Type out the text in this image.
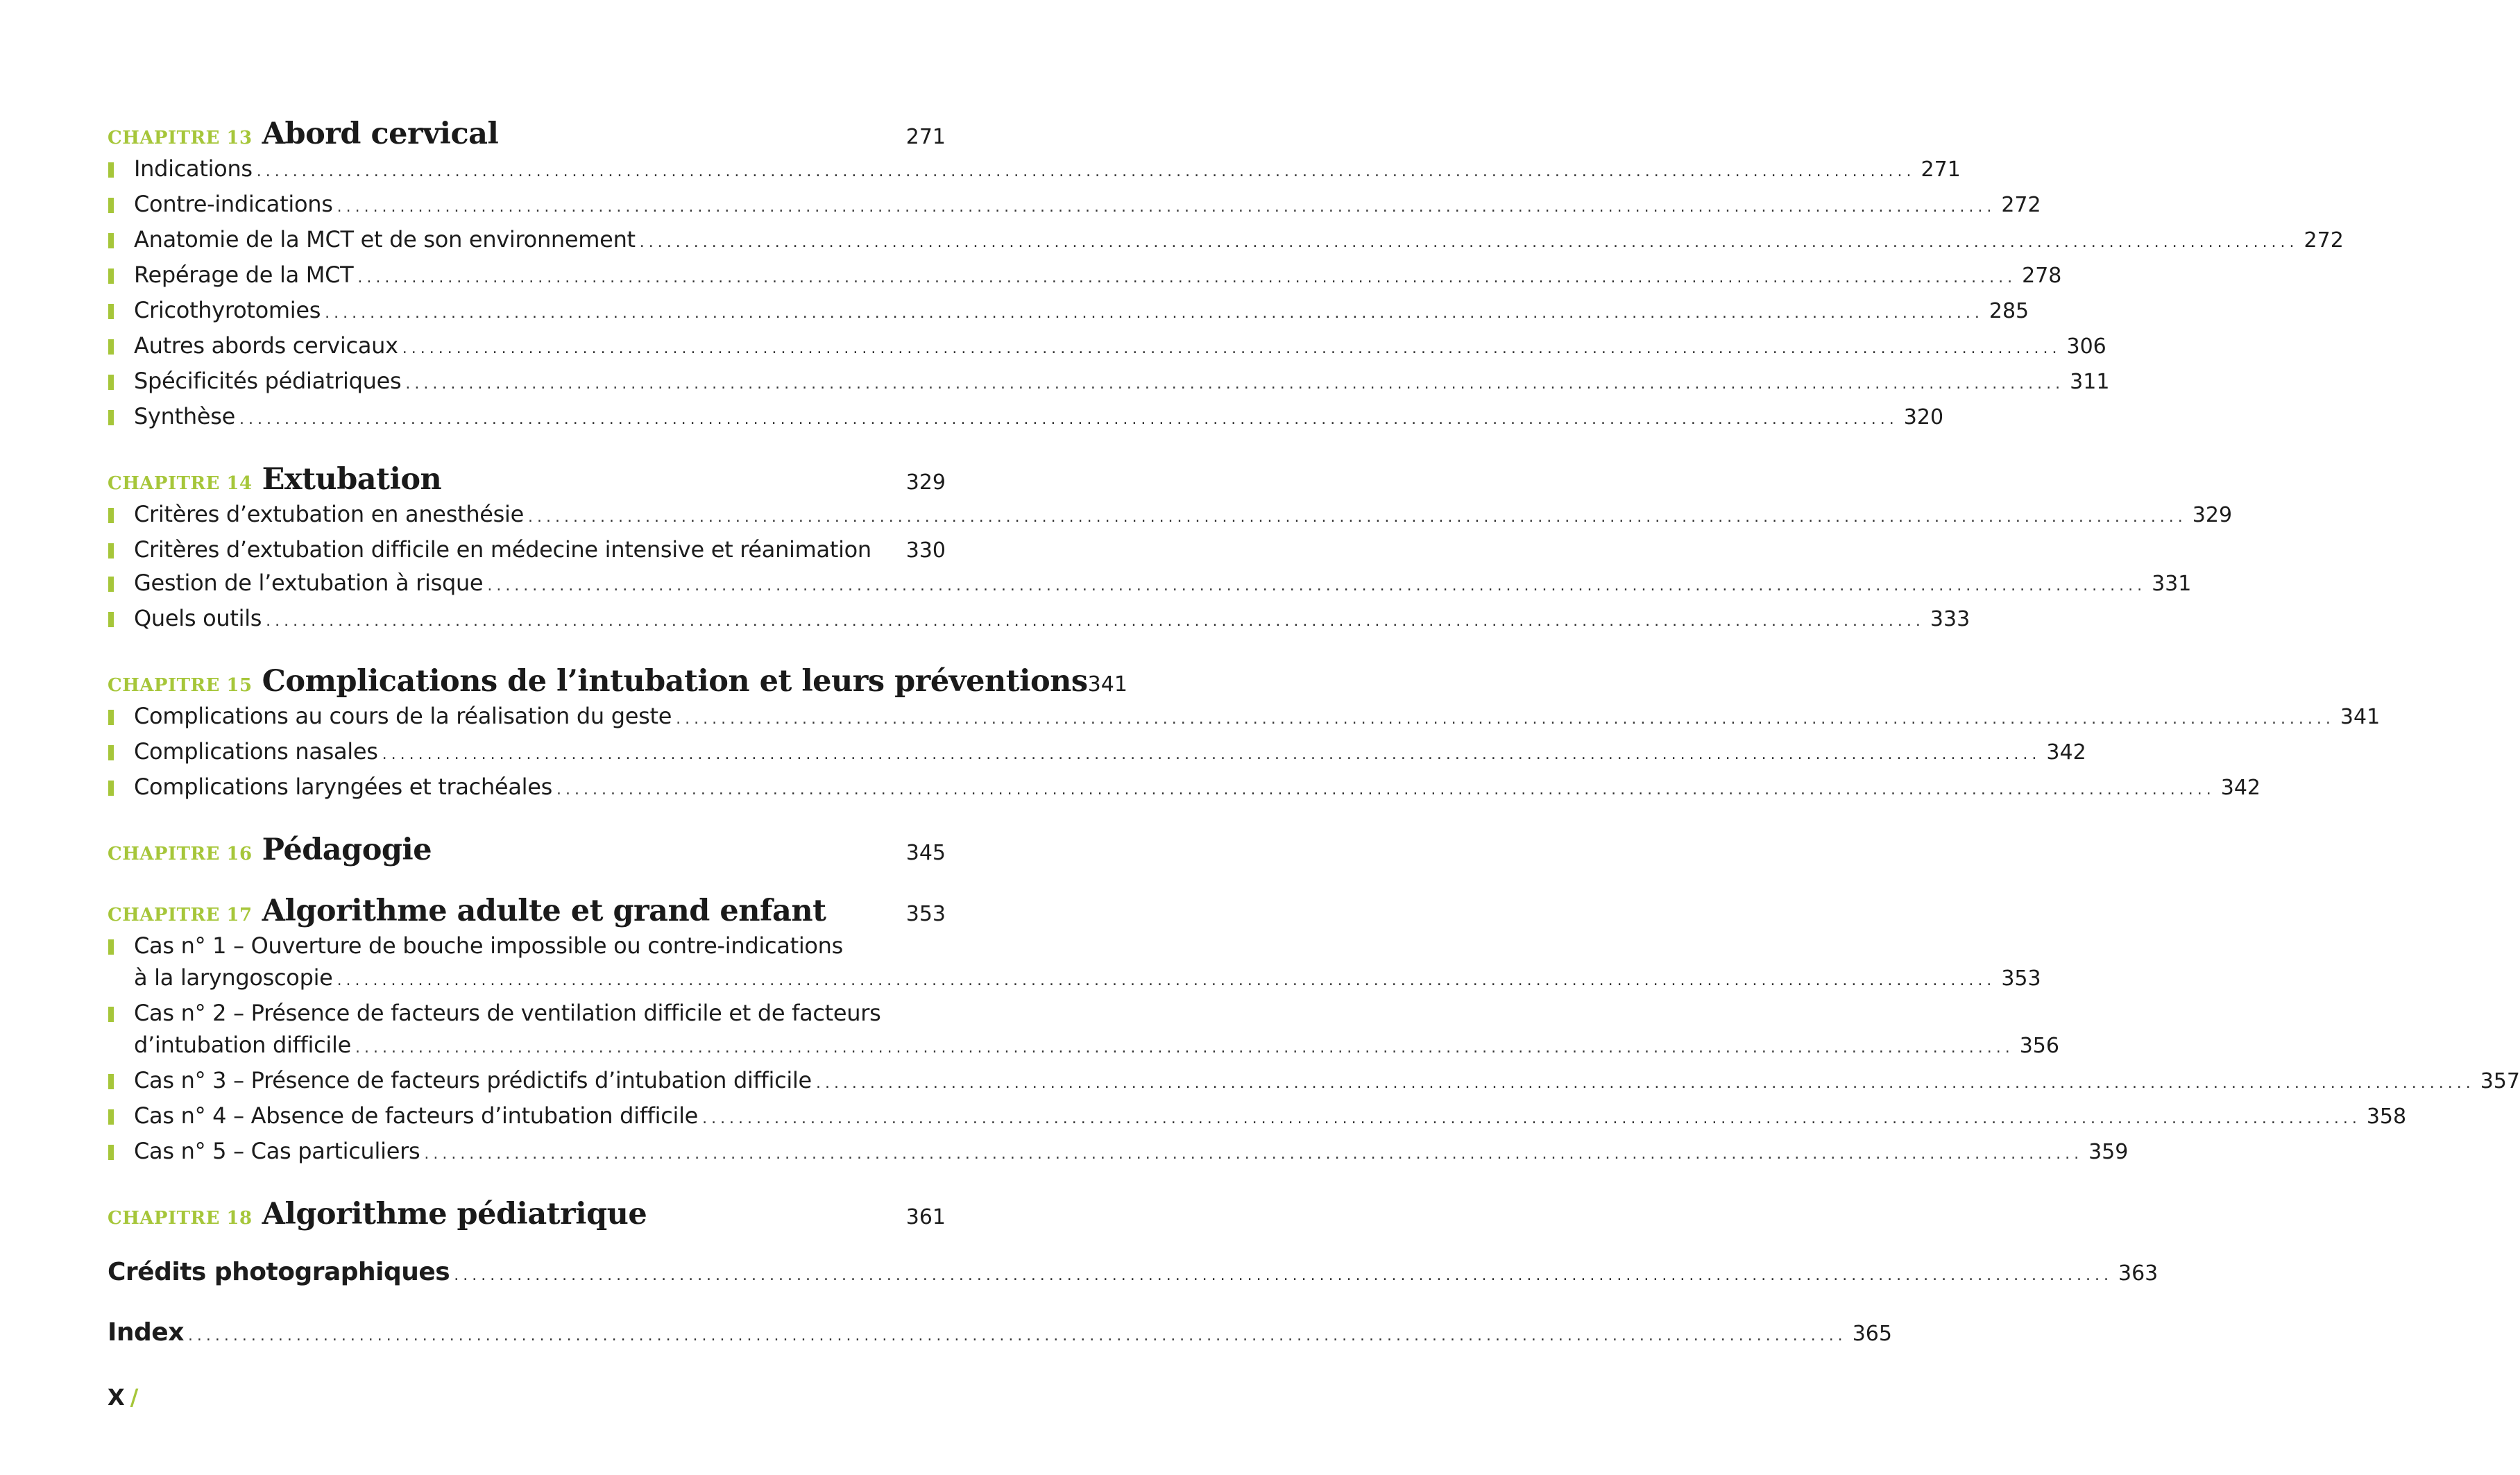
CHAPITRE 13 Abord cervical	271
Indications .....	271
Contre-indications .....	272
Anatomie de la MCT et de son environnement .....	272
Repérage de la MCT .....	278
Cricothyrotomies .....	285
Autres abords cervicaux .....	306
Spécificités pédiatriques .....	311
Synthèse .....	320
CHAPITRE 14 Extubation	329
Critères d’extubation en anesthésie .....	329
Critères d’extubation difficile en médecine intensive et réanimation 330
Gestion de l’extubation à risque .....	331
Quels outils .....	333
CHAPITRE 15 Complications de l’intubation et leurs préventions 341
Complications au cours de la réalisation du geste .....	341
Complications nasales .....	342
Complications laryngées et trachéales .....	342
CHAPITRE 16 Pédagogie	345
CHAPITRE 17 Algorithme adulte et grand enfant	353
Cas n° 1 – Ouverture de bouche impossible ou contre-indications
à la laryngoscopie .....	353
Cas n° 2 – Présence de facteurs de ventilation difficile et de facteurs
d’intubation difficile .....	356
Cas n° 3 – Présence de facteurs prédictifs d’intubation difficile .....	357
Cas n° 4 – Absence de facteurs d’intubation difficile .....	358
Cas n° 5 – Cas particuliers .....	359
CHAPITRE 18 Algorithme pédiatrique	361
Crédits photographiques .....	363
Index .....	365
X /
